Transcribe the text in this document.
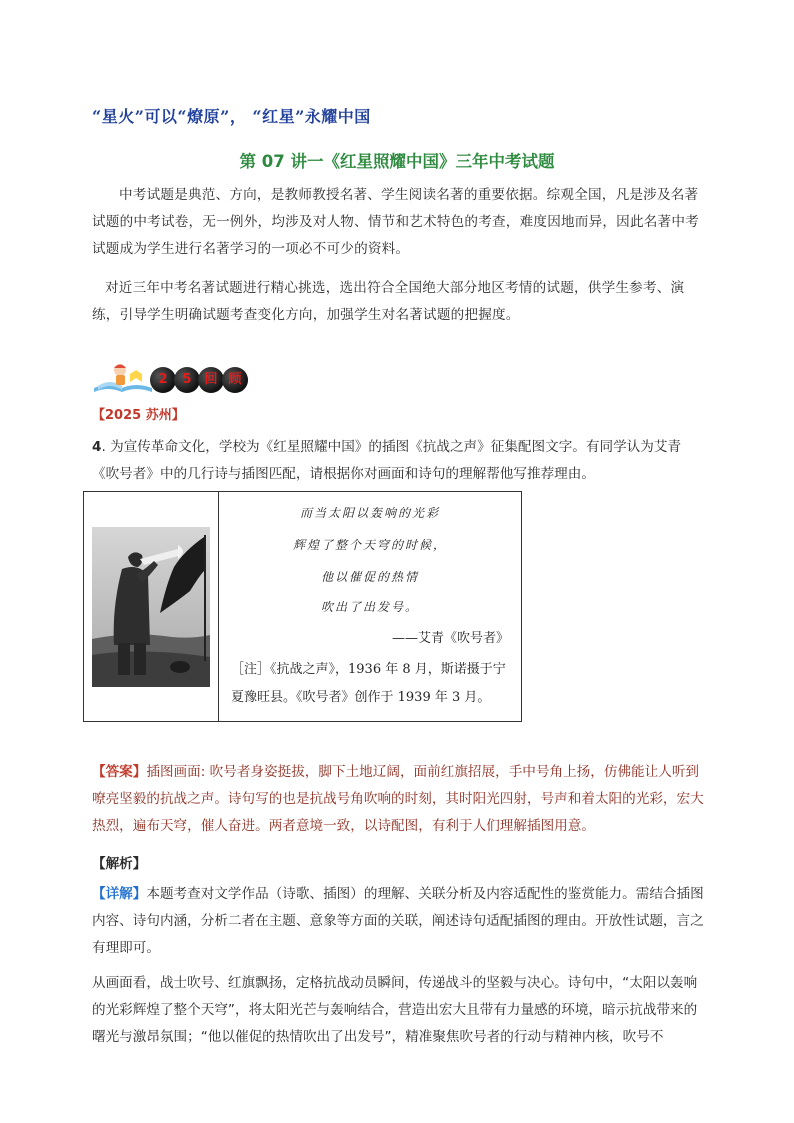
“星火”可以“燎原”， “红星”永耀中国
第 07 讲一《红星照耀中国》三年中考试题
中考试题是典范、方向，是教师教授名著、学生阅读名著的重要依据。综观全国，凡是涉及名著试题的中考试卷，无一例外，均涉及对人物、情节和艺术特色的考查，难度因地而异，因此名著中考试题成为学生进行名著学习的一项必不可少的资料。
对近三年中考名著试题进行精心挑选，选出符合全国绝大部分地区考情的试题，供学生参考、演练，引导学生明确试题考查变化方向，加强学生对名著试题的把握度。
2	5 回 顾
【2025 苏州】
4. 为宣传革命文化，学校为《红星照耀中国》的插图《抗战之声》征集配图文字。有同学认为艾青《吹号者》中的几行诗与插图匹配，请根据你对画面和诗句的理解帮他写推荐理由。
而当太阳以轰响的光彩
辉煌了整个天穹的时候，
他以催促的热情
吹出了出发号。
——艾青《吹号者》
［注］《抗战之声》，1936 年 8 月，斯诺摄于宁夏豫旺县。《吹号者》创作于 1939 年 3 月。
【答案】插图画面: 吹号者身姿挺拔，脚下土地辽阔，面前红旗招展，手中号角上扬，仿佛能让人听到嘹亮坚毅的抗战之声。诗句写的也是抗战号角吹响的时刻，其时阳光四射，号声和着太阳的光彩，宏大热烈，遍布天穹，催人奋进。两者意境一致，以诗配图，有利于人们理解插图用意。
【解析】
【详解】本题考查对文学作品（诗歌、插图）的理解、关联分析及内容适配性的鉴赏能力。需结合插图内容、诗句内涵，分析二者在主题、意象等方面的关联，阐述诗句适配插图的理由。开放性试题，言之有理即可。
从画面看，战士吹号、红旗飘扬，定格抗战动员瞬间，传递战斗的坚毅与决心。诗句中，“太阳以轰响的光彩辉煌了整个天穹”，将太阳光芒与轰响结合，营造出宏大且带有力量感的环境，暗示抗战带来的曙光与激昂氛围；“他以催促的热情吹出了出发号”，精准聚焦吹号者的行动与精神内核，吹号不
